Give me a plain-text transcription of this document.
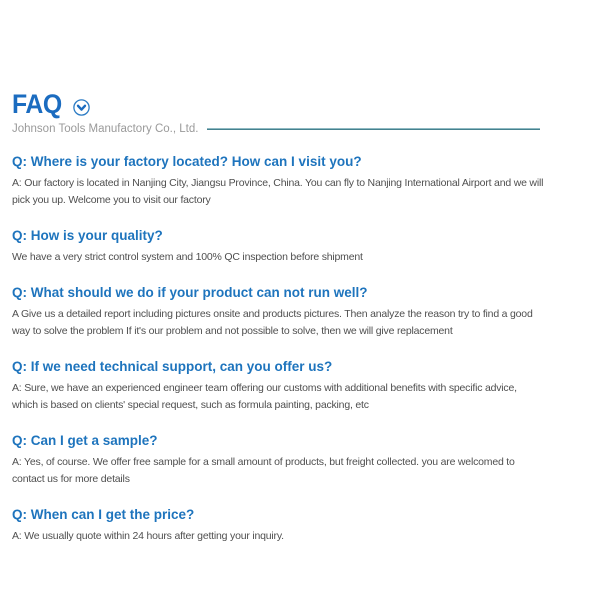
FAQ
Johnson Tools Manufactory Co., Ltd.
Q: Where is your factory located? How can I visit you?
A: Our factory is located in Nanjing City, Jiangsu Province, China. You can fly to Nanjing International Airport and we will pick you up. Welcome you to visit our factory
Q: How is your quality?
We have a very strict control system and 100% QC inspection before shipment
Q: What should we do if your product can not run well?
A Give us a detailed report including pictures onsite and products pictures. Then analyze the reason try to find a good way to solve the problem If it's our problem and not possible to solve, then we will give replacement
Q: If we need technical support, can you offer us?
A: Sure, we have an experienced engineer team offering our customs with additional benefits with specific advice, which is based on clients' special request, such as formula painting, packing, etc
Q: Can I get a sample?
A: Yes, of course. We offer free sample for a small amount of products, but freight collected. you are welcomed to contact us for more details
Q: When can I get the price?
A: We usually quote within 24 hours after getting your inquiry.
